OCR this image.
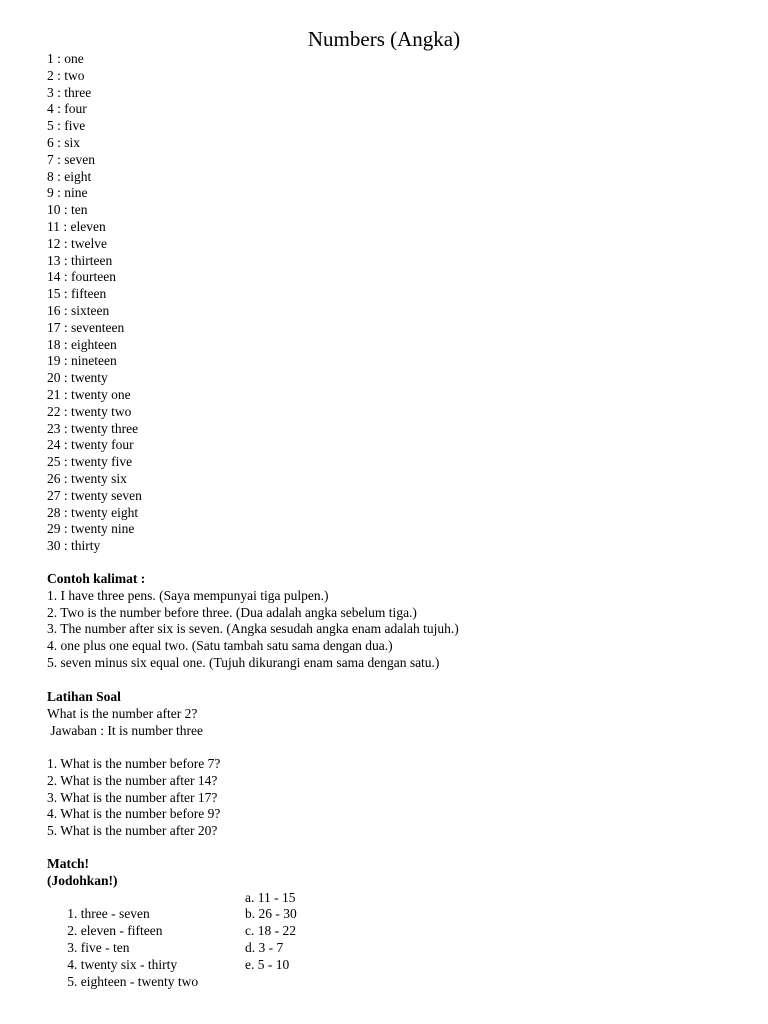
Numbers (Angka)
1 : one
2 : two
3 : three
4 : four
5 : five
6 : six
7 : seven
8 : eight
9 : nine
10 : ten
11 : eleven
12 : twelve
13 : thirteen
14 : fourteen
15 : fifteen
16 : sixteen
17 : seventeen
18 : eighteen
19 : nineteen
20 : twenty
21 : twenty one
22 : twenty two
23 : twenty three
24 : twenty four
25 : twenty five
26 : twenty six
27 : twenty seven
28 : twenty eight
29 : twenty nine
30 : thirty
Contoh kalimat :
1. I have three pens. (Saya mempunyai tiga pulpen.)
2. Two is the number before three. (Dua adalah angka sebelum tiga.)
3. The number after six is seven. (Angka sesudah angka enam adalah tujuh.)
4. one plus one equal two. (Satu tambah satu sama dengan dua.)
5. seven minus six equal one. (Tujuh dikurangi enam sama dengan satu.)
Latihan Soal
What is the number after 2?
Jawaban : It is number three
1. What is the number before 7?
2. What is the number after 14?
3. What is the number after 17?
4. What is the number before 9?
5. What is the number after 20?
Match!
(Jodohkan!)

1. three - seven

a. 11 - 15

2. eleven - fifteen

b. 26 - 30

3. five - ten

c. 18 - 22

4. twenty six - thirty

d. 3 - 7

5. eighteen - twenty two

e. 5 - 10
